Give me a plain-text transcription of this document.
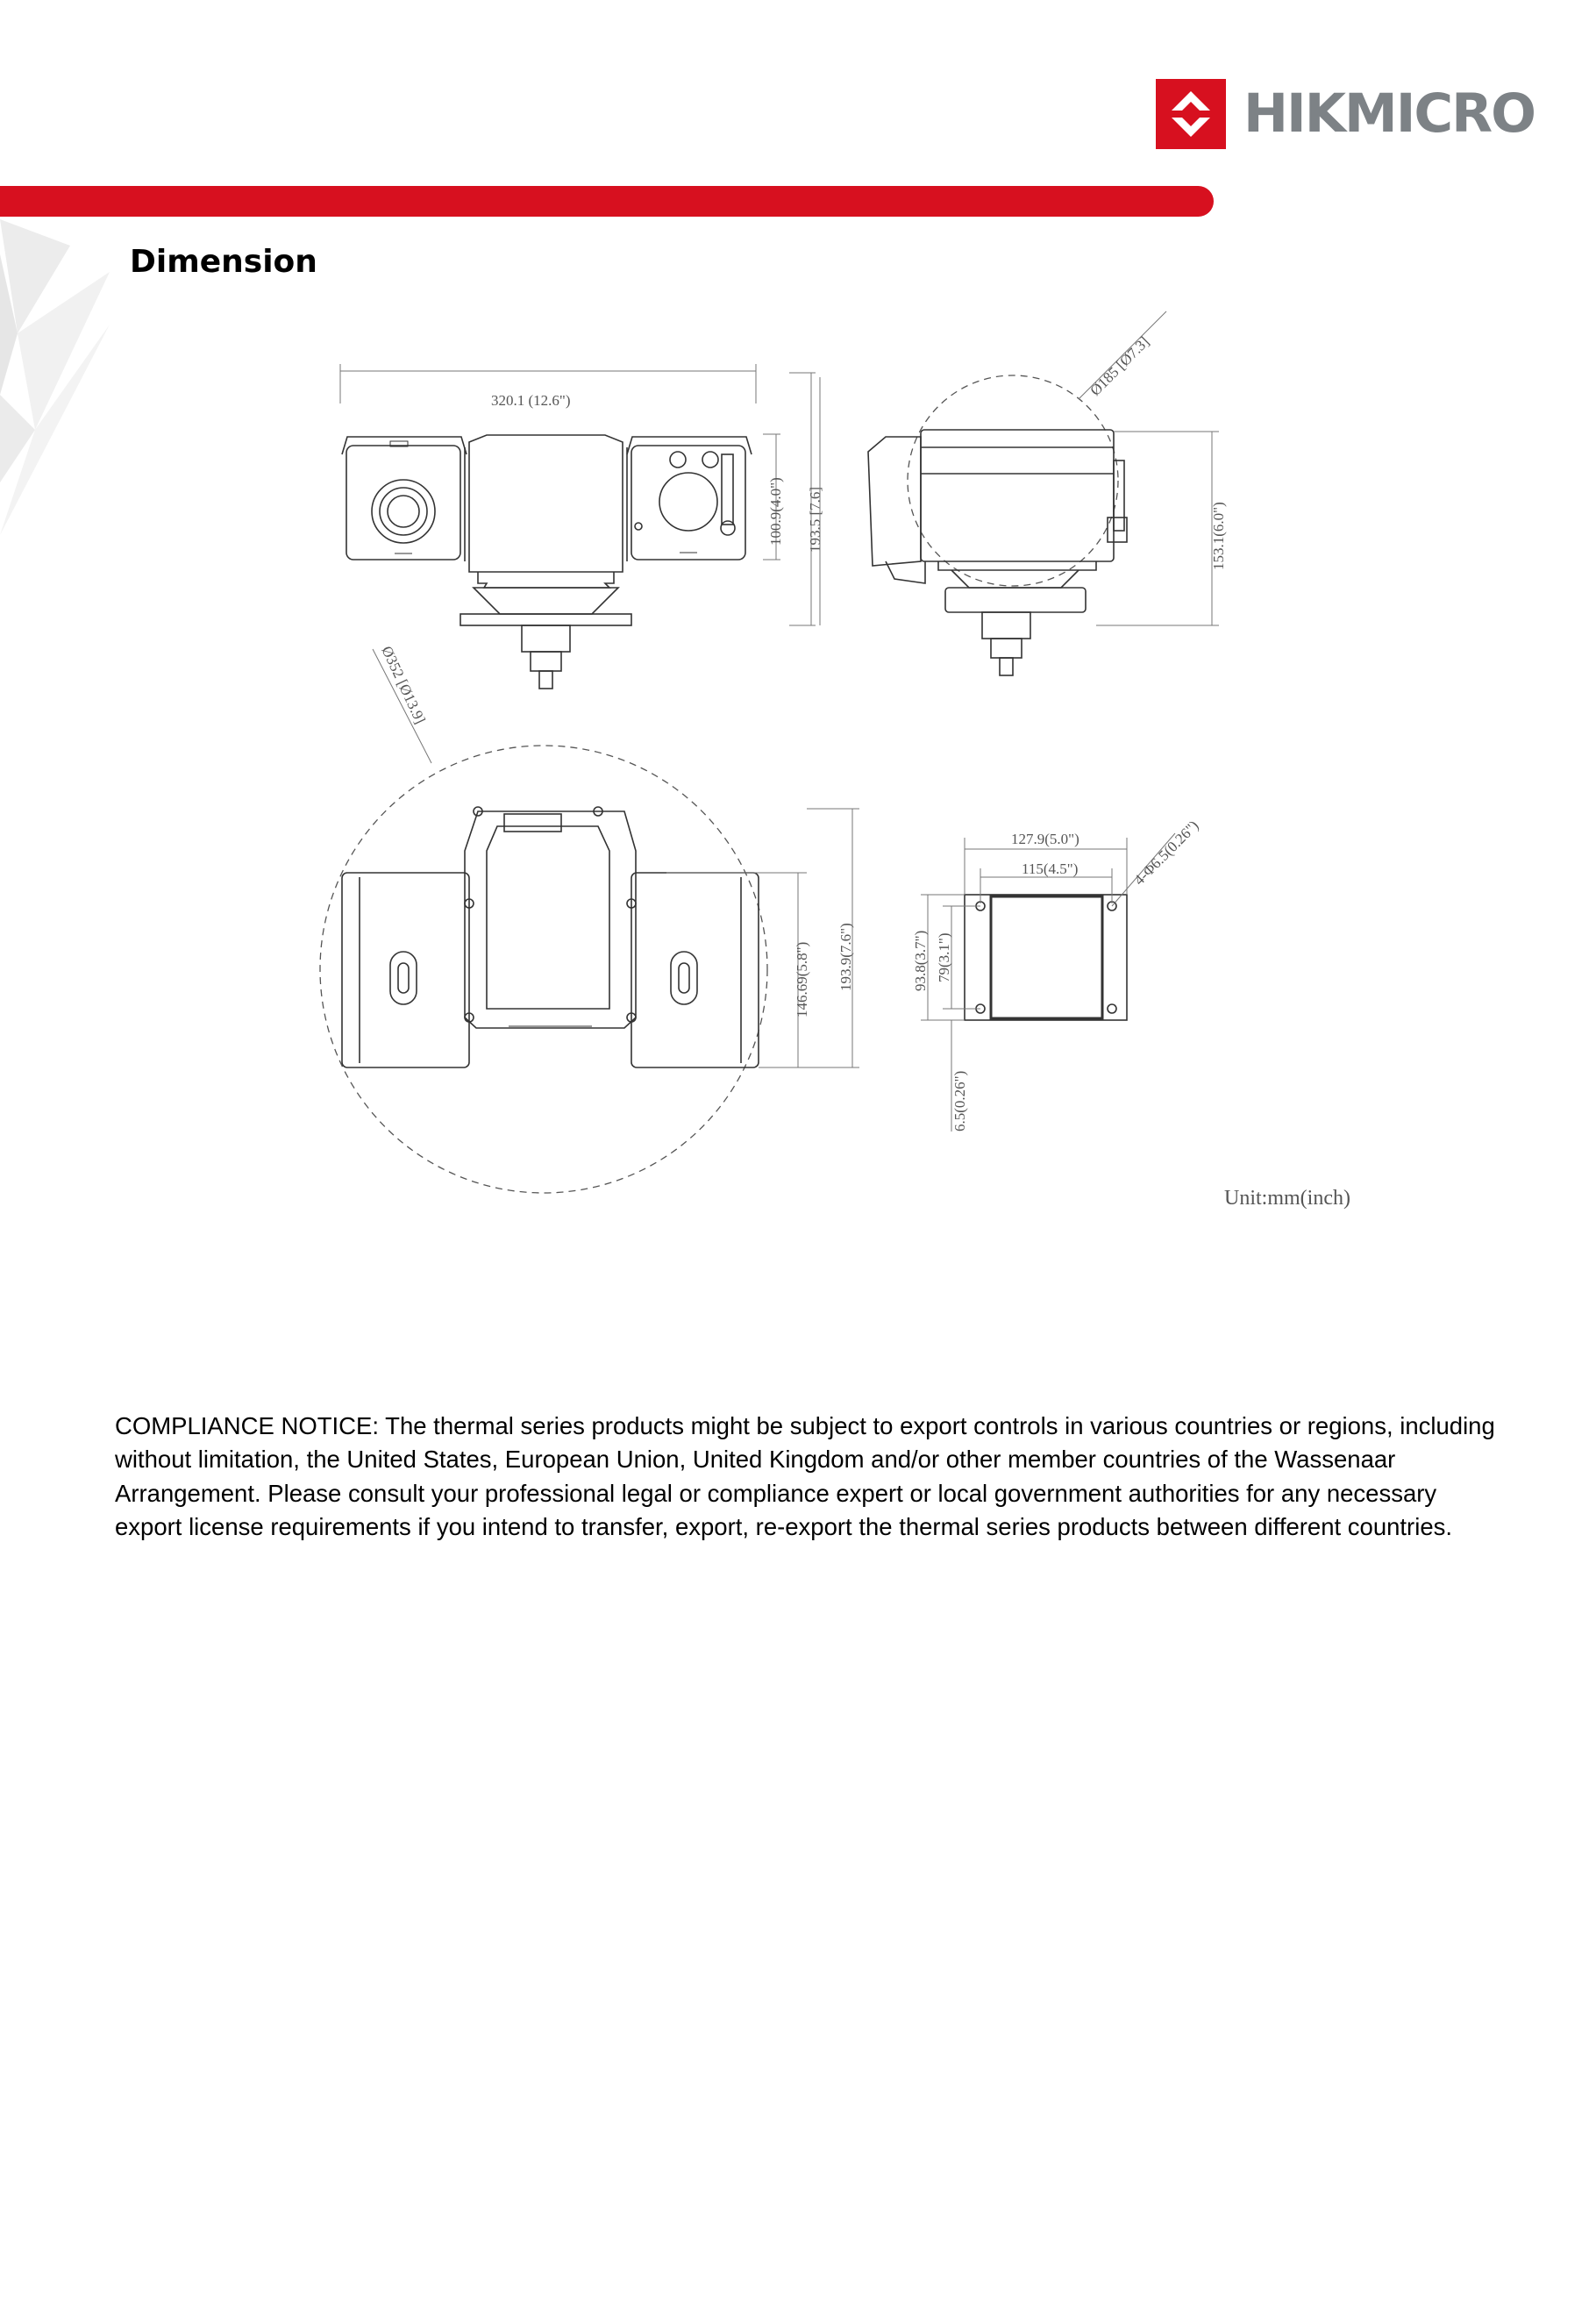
HIKMICRO
Dimension
320.1 (12.6")
100.9(4.0") 193.5 [7.6]
Ø185 [Ø7.3]
153.1(6.0")
Ø352 [Ø13.9]
146.69(5.8") 193.9(7.6")
127.9(5.0")
115(4.5")	4-Φ6.5(0.26")
93.8(3.7") 79(3.1")
6.5(0.26")
Unit:mm(inch)

COMPLIANCE NOTICE: The thermal series products might be subject to export controls in various countries or regions, including without limitation, the United States, European Union, United Kingdom and/or other member countries of the Wassenaar Arrangement. Please consult your professional legal or compliance expert or local government authorities for any necessary export license requirements if you intend to transfer, export, re-export the thermal series products between different countries.
